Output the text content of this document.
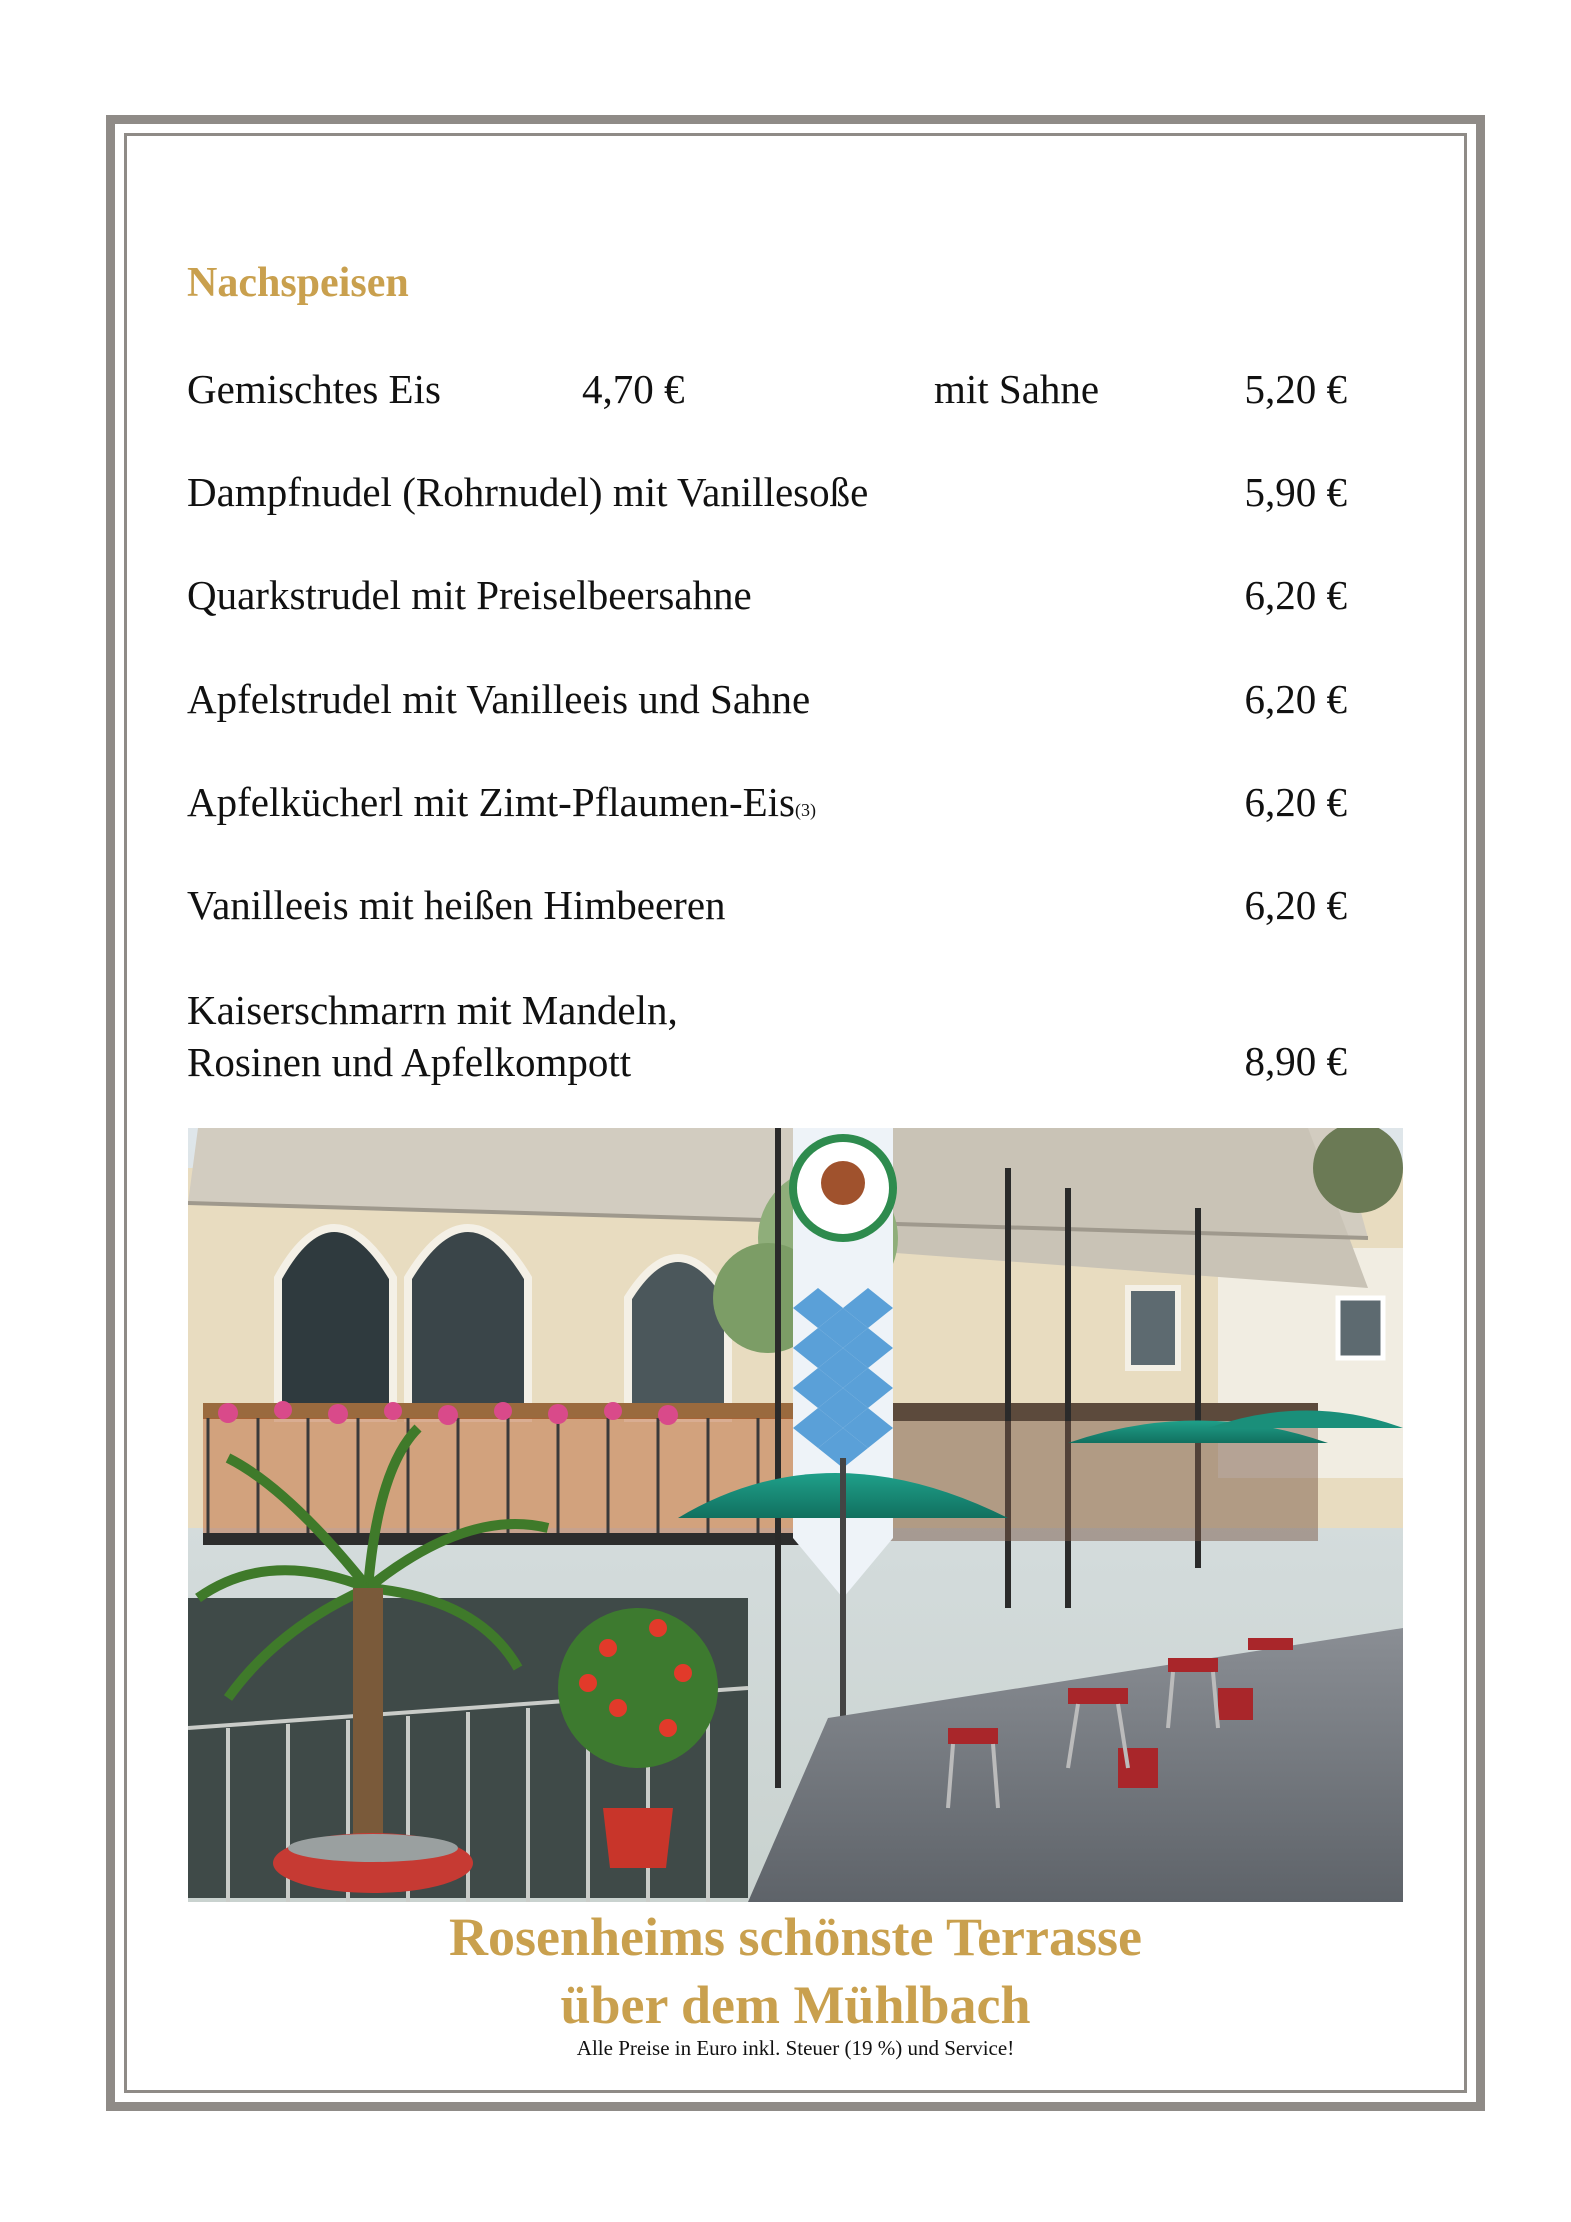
Nachspeisen
Gemischtes Eis	4,70 €	mit Sahne	5,20 €
Dampfnudel (Rohrnudel) mit Vanillesoße	5,90 €
Quarkstrudel mit Preiselbeersahne	6,20 €
Apfelstrudel mit Vanilleeis und Sahne	6,20 €
Apfelkücherl mit Zimt-Pflaumen-Eis(3)	6,20 €
Vanilleeis mit heißen Himbeeren	6,20 €
Kaiserschmarrn mit Mandeln,
Rosinen und Apfelkompott	8,90 €

Rosenheims schönste Terrasse

über dem Mühlbach

Alle Preise in Euro inkl. Steuer (19 %) und Service!
